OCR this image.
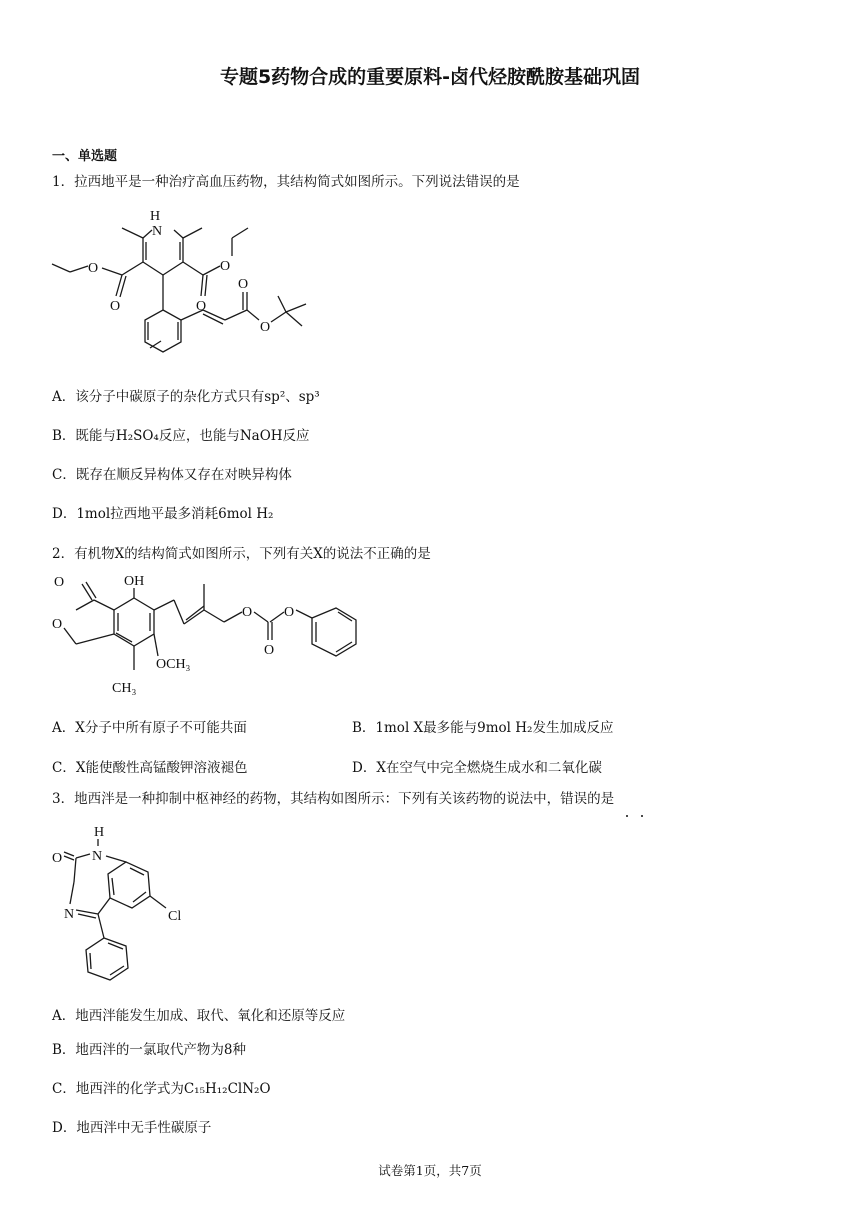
专题5药物合成的重要原料-卤代烃胺酰胺基础巩固
一、单选题
1．拉西地平是一种治疗高血压药物，其结构简式如图所示。下列说法错误的是
H
N
O
O
O
O
O
O
A．该分子中碳原子的杂化方式只有sp²、sp³
B．既能与H₂SO₄反应，也能与NaOH反应
C．既存在顺反异构体又存在对映异构体
D．1mol拉西地平最多消耗6mol H₂
2．有机物X的结构简式如图所示，下列有关X的说法不正确的是
OH
O
O
OCH₃
CH₃
O
O
O
A．X分子中所有原子不可能共面	B．1mol X最多能与9mol H₂发生加成反应
C．X能使酸性高锰酸钾溶液褪色	D．X在空气中完全燃烧生成水和二氧化碳
3．地西泮是一种抑制中枢神经的药物，其结构如图所示：下列有关该药物的说法中，错误的是
H
N
O
N	Cl
A．地西泮能发生加成、取代、氧化和还原等反应
B．地西泮的一氯取代产物为8种
C．地西泮的化学式为C₁₅H₁₂ClN₂O
D．地西泮中无手性碳原子
试卷第1页，共7页
